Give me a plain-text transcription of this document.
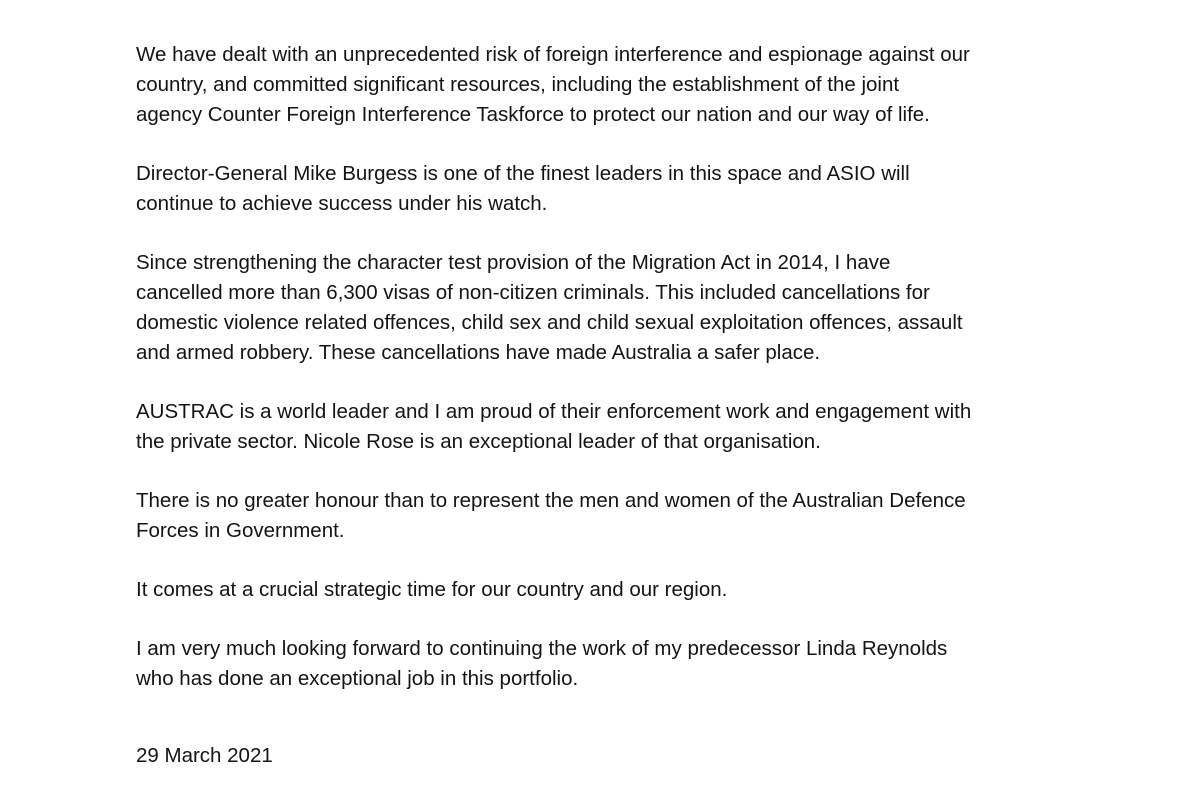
We have dealt with an unprecedented risk of foreign interference and espionage against our
country, and committed significant resources, including the establishment of the joint
agency Counter Foreign Interference Taskforce to protect our nation and our way of life.

Director-General Mike Burgess is one of the finest leaders in this space and ASIO will
continue to achieve success under his watch.

Since strengthening the character test provision of the Migration Act in 2014, I have
cancelled more than 6,300 visas of non-citizen criminals. This included cancellations for
domestic violence related offences, child sex and child sexual exploitation offences, assault
and armed robbery. These cancellations have made Australia a safer place.

AUSTRAC is a world leader and I am proud of their enforcement work and engagement with
the private sector. Nicole Rose is an exceptional leader of that organisation.

There is no greater honour than to represent the men and women of the Australian Defence
Forces in Government.

It comes at a crucial strategic time for our country and our region.

I am very much looking forward to continuing the work of my predecessor Linda Reynolds
who has done an exceptional job in this portfolio.

29 March 2021
